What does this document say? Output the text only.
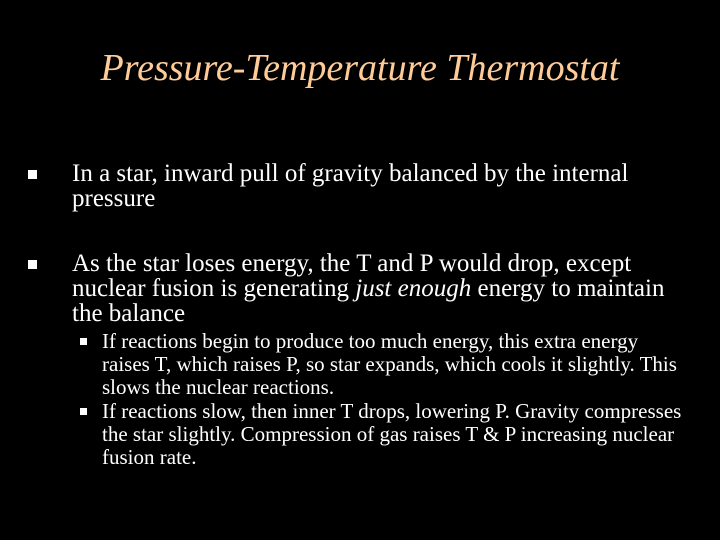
Pressure-Temperature Thermostat
In a star, inward pull of gravity balanced by the internal pressure
As the star loses energy, the T and P would drop, except nuclear fusion is generating just enough energy to maintain the balance
If reactions begin to produce too much energy, this extra energy raises T, which raises P, so star expands, which cools it slightly. This slows the nuclear reactions.
If reactions slow, then inner T drops, lowering P. Gravity compresses the star slightly. Compression of gas raises T & P increasing nuclear fusion rate.
